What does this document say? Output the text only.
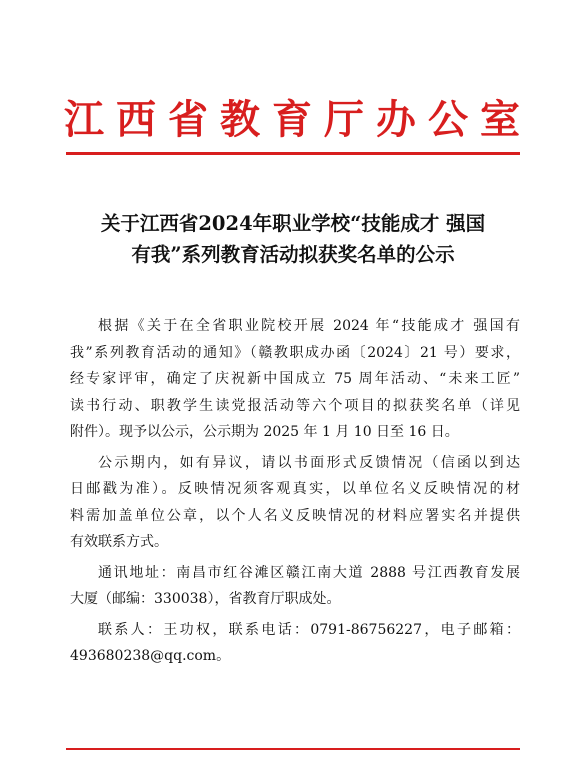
江西省教育厅办公室
关于江西省2024年职业学校“技能成才 强国
有我”系列教育活动拟获奖名单的公示
根据《关于在全省职业院校开展 2024 年“技能成才 强国有
我”系列教育活动的通知》（赣教职成办函〔2024〕21 号）要求，
经专家评审，确定了庆祝新中国成立 75 周年活动、“未来工匠”
读书行动、职教学生读党报活动等六个项目的拟获奖名单（详见
附件）。现予以公示，公示期为 2025 年 1 月 10 日至 16 日。
公示期内，如有异议，请以书面形式反馈情况（信函以到达
日邮戳为准）。反映情况须客观真实，以单位名义反映情况的材
料需加盖单位公章，以个人名义反映情况的材料应署实名并提供
有效联系方式。
通讯地址：南昌市红谷滩区赣江南大道 2888 号江西教育发展
大厦（邮编：330038），省教育厅职成处。
联系人：王功权，联系电话：0791-86756227，电子邮箱：
493680238@qq.com。
